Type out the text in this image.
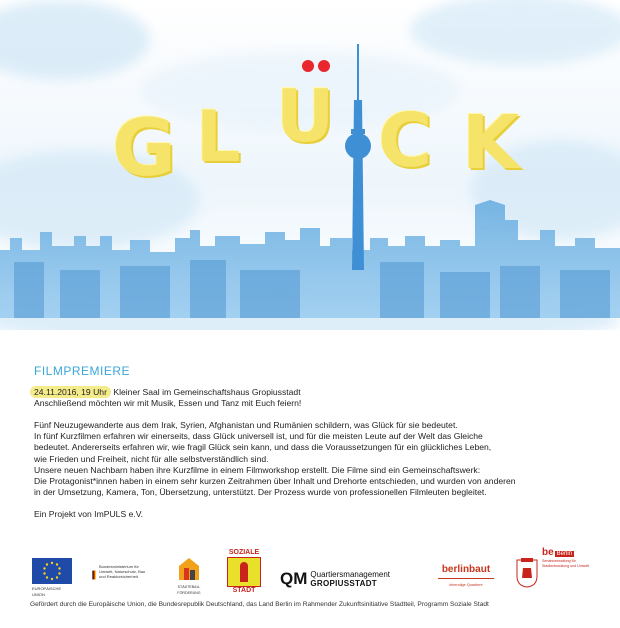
G L U C K
FILMPREMIERE

24.11.2016, 19 Uhr Kleiner Saal im Gemeinschaftshaus Gropiusstadt

Anschließend möchten wir mit Musik, Essen und Tanz mit Euch feiern!

Fünf Neuzugewanderte aus dem Irak, Syrien, Afghanistan und Rumänien schildern, was Glück für sie bedeutet.

In fünf Kurzfilmen erfahren wir einerseits, dass Glück universell ist, und für die meisten Leute auf der Welt das Gleiche

bedeutet. Andererseits erfahren wir, wie fragil Glück sein kann, und dass die Voraussetzungen für ein glückliches Leben,

wie Frieden und Freiheit, nicht für alle selbstverständlich sind.

Unsere neuen Nachbarn haben ihre Kurzfilme in einem Filmworkshop erstellt. Die Filme sind ein Gemeinschaftswerk:

Die Protagonist*innen haben in einem sehr kurzen Zeitrahmen über Inhalt und Drehorte entschieden, und wurden von anderen

in der Umsetzung, Kamera, Ton, Übersetzung, unterstützt. Der Prozess wurde von professionellen Filmleuten begleitet.

Ein Projekt von ImPULS e.V.

EUROPÄISCHE UNION
Bundesministerium für Umwelt, Naturschutz, Bau und Reaktorsicherheit
STÄDTEBAU-FÖRDERUNG
SOZIALE
STADT
QM Quartiersmanagement
GROPIUSSTADT
berlinbaut
lebendige Quartiere
be Berlin
Senatsverwaltung für Stadtentwicklung und Umwelt
Gefördert durch die Europäische Union, die Bundesrepublik Deutschland, das Land Berlin im Rahmender Zukunftsinitiative Stadtteil, Programm Soziale Stadt
